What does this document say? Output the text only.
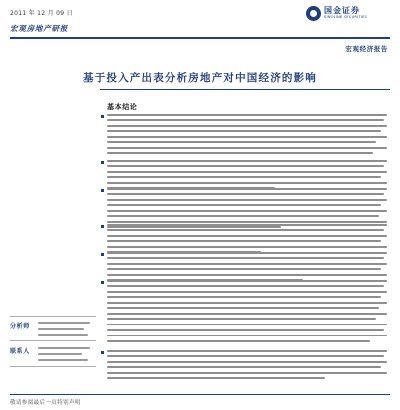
2011 年 12 月 09 日
宏观房地产研报
国金证券
SINOLINK SECURITIES
宏观经济报告
基于投入产出表分析房地产对中国经济的影响
基本结论
分析师
联系人
敬请参阅最后一页特别声明
